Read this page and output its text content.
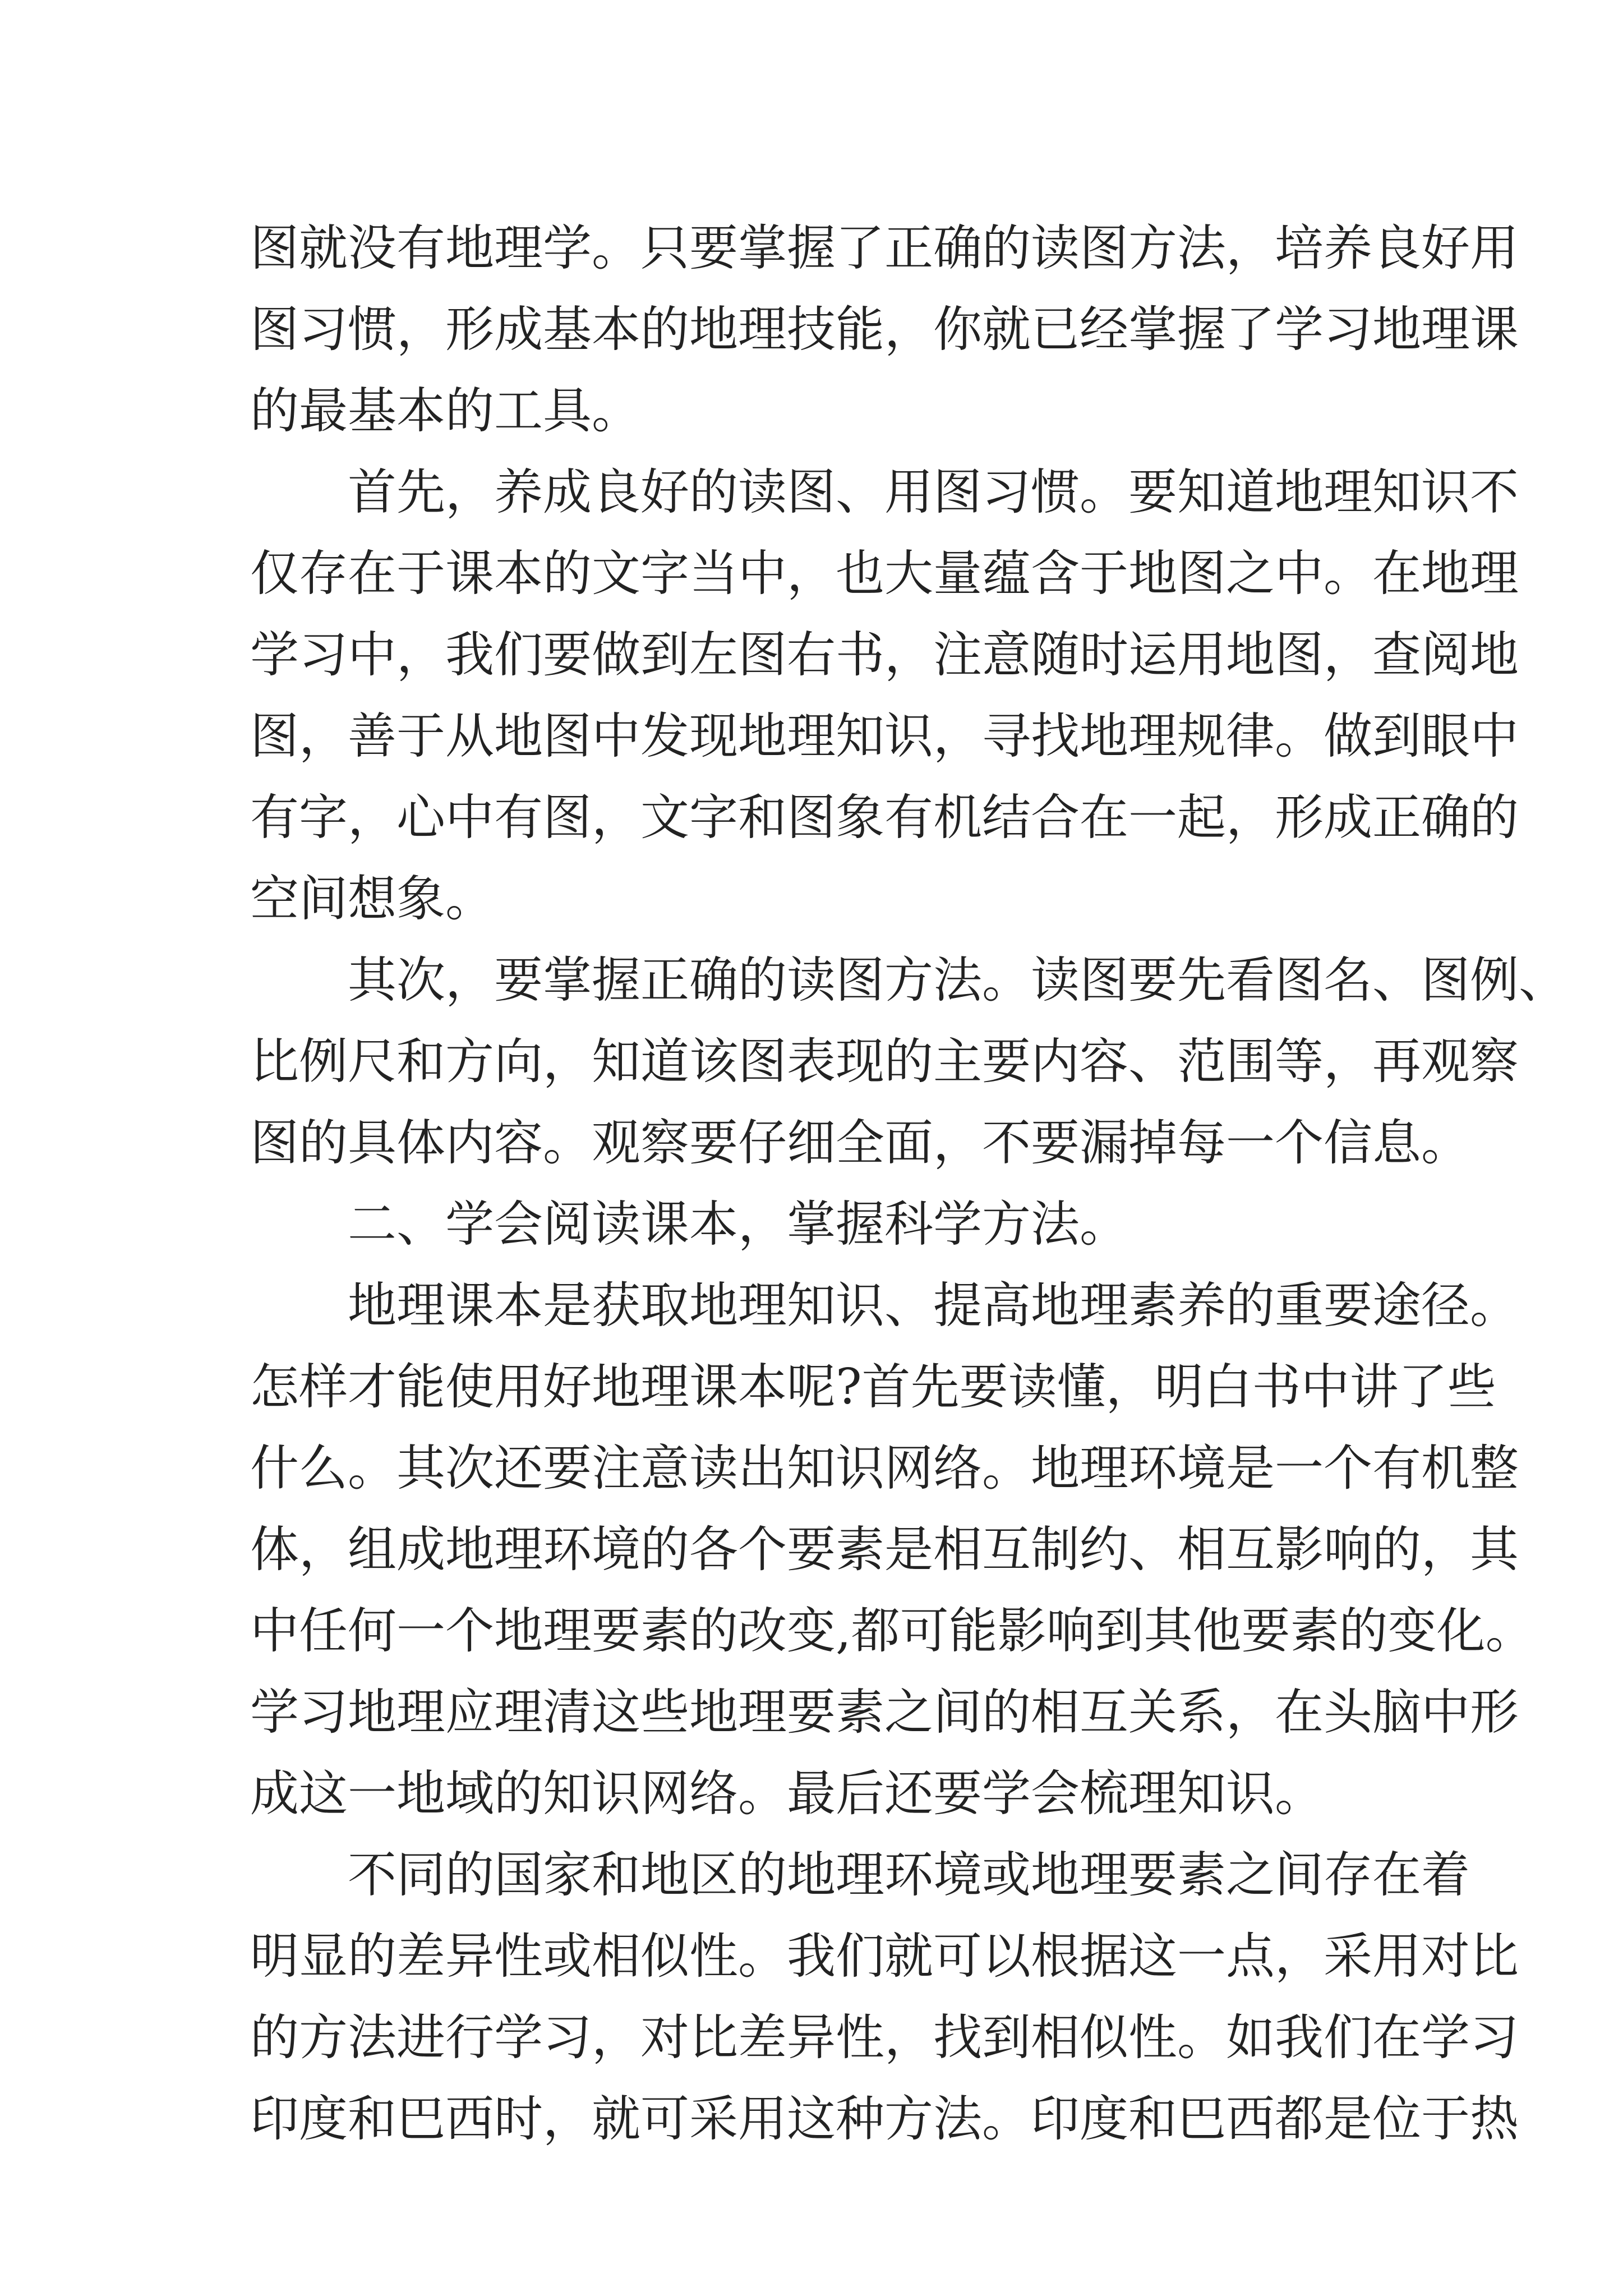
图就没有地理学。只要掌握了正确的读图方法，培养良好用
图习惯，形成基本的地理技能，你就已经掌握了学习地理课
的最基本的工具。
首先，养成良好的读图、用图习惯。要知道地理知识不
仅存在于课本的文字当中，也大量蕴含于地图之中。在地理
学习中，我们要做到左图右书，注意随时运用地图，查阅地
图，善于从地图中发现地理知识，寻找地理规律。做到眼中
有字，心中有图，文字和图象有机结合在一起，形成正确的
空间想象。
其次，要掌握正确的读图方法。读图要先看图名、图例、
比例尺和方向，知道该图表现的主要内容、范围等，再观察
图的具体内容。观察要仔细全面，不要漏掉每一个信息。
二、学会阅读课本，掌握科学方法。
地理课本是获取地理知识、提高地理素养的重要途径。
怎样才能使用好地理课本呢?首先要读懂，明白书中讲了些
什么。其次还要注意读出知识网络。地理环境是一个有机整
体，组成地理环境的各个要素是相互制约、相互影响的，其
中任何一个地理要素的改变,都可能影响到其他要素的变化。
学习地理应理清这些地理要素之间的相互关系，在头脑中形
成这一地域的知识网络。最后还要学会梳理知识。
不同的国家和地区的地理环境或地理要素之间存在着
明显的差异性或相似性。我们就可以根据这一点，采用对比
的方法进行学习，对比差异性，找到相似性。如我们在学习
印度和巴西时，就可采用这种方法。印度和巴西都是位于热
